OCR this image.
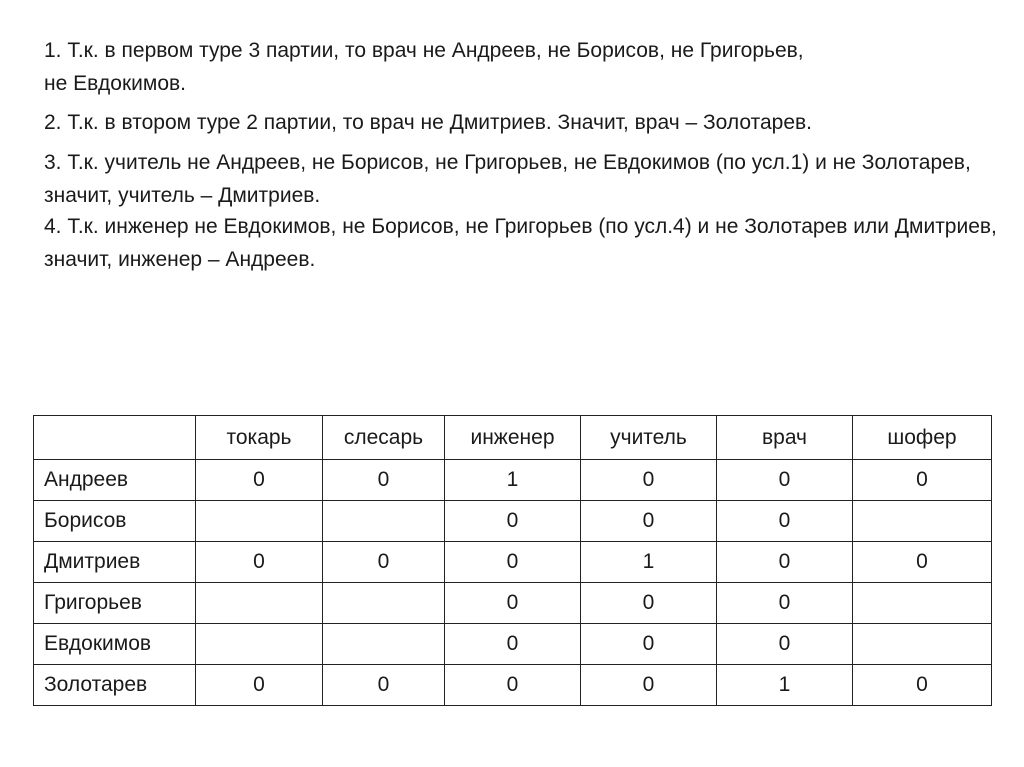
1. Т.к. в первом туре 3 партии, то врач не Андреев, не Борисов, не Григорьев, не Евдокимов.
2. Т.к. в втором туре 2 партии, то врач не Дмитриев. Значит, врач – Золотарев.
3. Т.к. учитель не Андреев, не Борисов, не Григорьев, не Евдокимов (по усл.1) и не Золотарев, значит, учитель – Дмитриев.
4. Т.к. инженер не Евдокимов, не Борисов, не Григорьев (по усл.4) и не Золотарев или Дмитриев, значит, инженер – Андреев.
	токарь	слесарь	инженер	учитель	врач	шофер
Андреев	0	0	1	0	0	0
Борисов			0	0	0	
Дмитриев	0	0	0	1	0	0
Григорьев			0	0	0	
Евдокимов			0	0	0	
Золотарев	0	0	0	0	1	0
